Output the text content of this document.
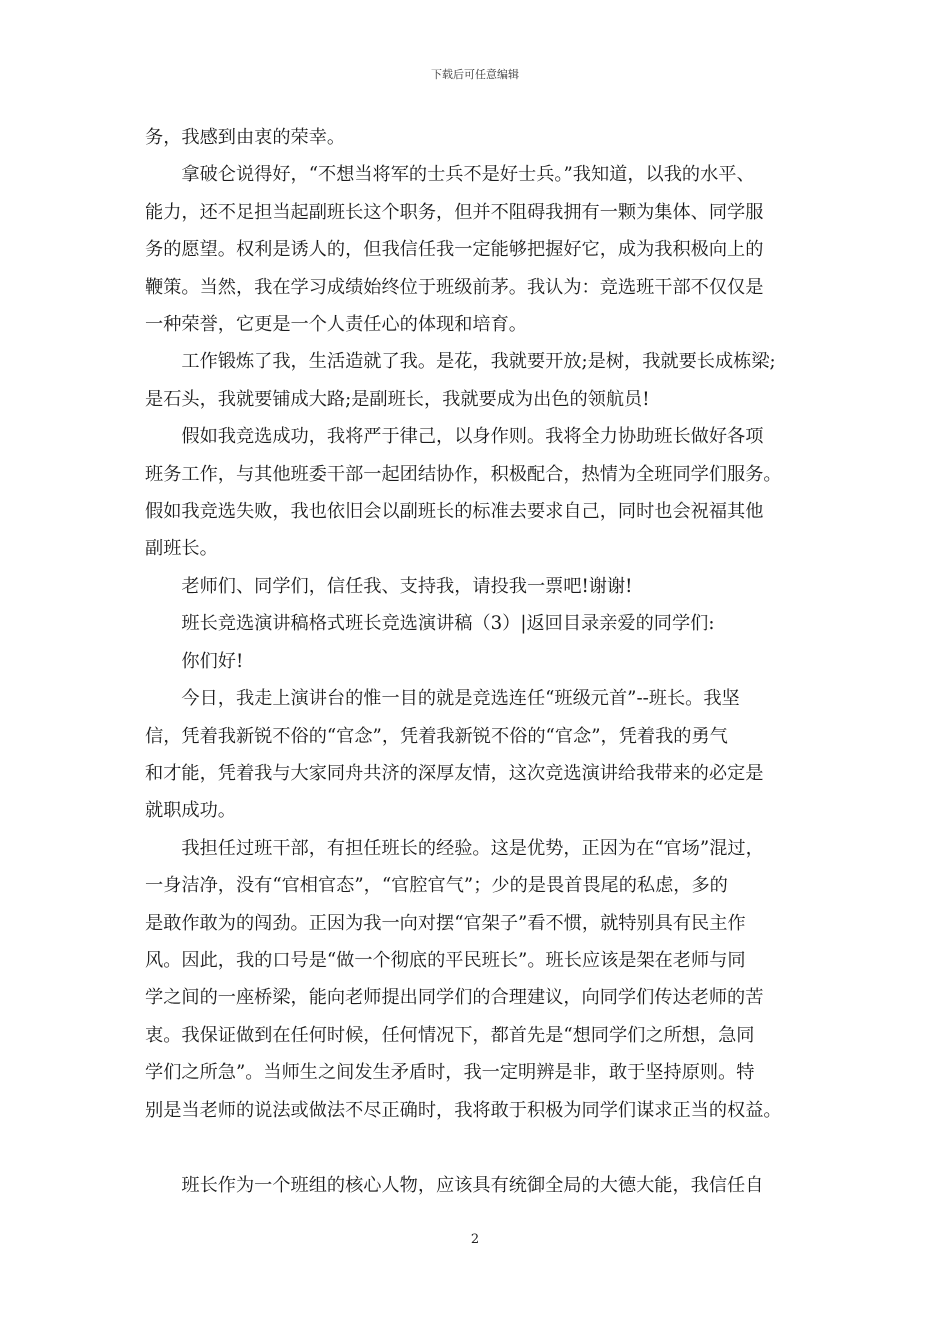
下载后可任意编辑

务，我感到由衷的荣幸。

　　拿破仑说得好，“不想当将军的士兵不是好士兵。”我知道，以我的水平、

能力，还不足担当起副班长这个职务，但并不阻碍我拥有一颗为集体、同学服

务的愿望。权利是诱人的，但我信任我一定能够把握好它，成为我积极向上的

鞭策。当然，我在学习成绩始终位于班级前茅。我认为：竞选班干部不仅仅是

一种荣誉，它更是一个人责任心的体现和培育。

　　工作锻炼了我，生活造就了我。是花，我就要开放;是树，我就要长成栋梁;

是石头，我就要铺成大路;是副班长，我就要成为出色的领航员!

　　假如我竞选成功，我将严于律己，以身作则。我将全力协助班长做好各项

班务工作，与其他班委干部一起团结协作，积极配合，热情为全班同学们服务。

假如我竞选失败，我也依旧会以副班长的标准去要求自己，同时也会祝福其他

副班长。

　　老师们、同学们，信任我、支持我，请投我一票吧!谢谢!

　　班长竞选演讲稿格式班长竞选演讲稿（3）|返回目录亲爱的同学们:

　　你们好!

　　今日，我走上演讲台的惟一目的就是竞选连任“班级元首”--班长。我坚

信，凭着我新锐不俗的“官念”，凭着我新锐不俗的“官念”，凭着我的勇气

和才能，凭着我与大家同舟共济的深厚友情，这次竞选演讲给我带来的必定是

就职成功。

　　我担任过班干部，有担任班长的经验。这是优势，正因为在“官场”混过，

一身洁净，没有“官相官态”，“官腔官气”；少的是畏首畏尾的私虑，多的

是敢作敢为的闯劲。正因为我一向对摆“官架子”看不惯，就特别具有民主作

风。因此，我的口号是“做一个彻底的平民班长”。班长应该是架在老师与同

学之间的一座桥梁，能向老师提出同学们的合理建议，向同学们传达老师的苦

衷。我保证做到在任何时候，任何情况下，都首先是“想同学们之所想，急同

学们之所急”。当师生之间发生矛盾时，我一定明辨是非，敢于坚持原则。特

别是当老师的说法或做法不尽正确时，我将敢于积极为同学们谋求正当的权益。

　　班长作为一个班组的核心人物，应该具有统御全局的大德大能，我信任自

2
